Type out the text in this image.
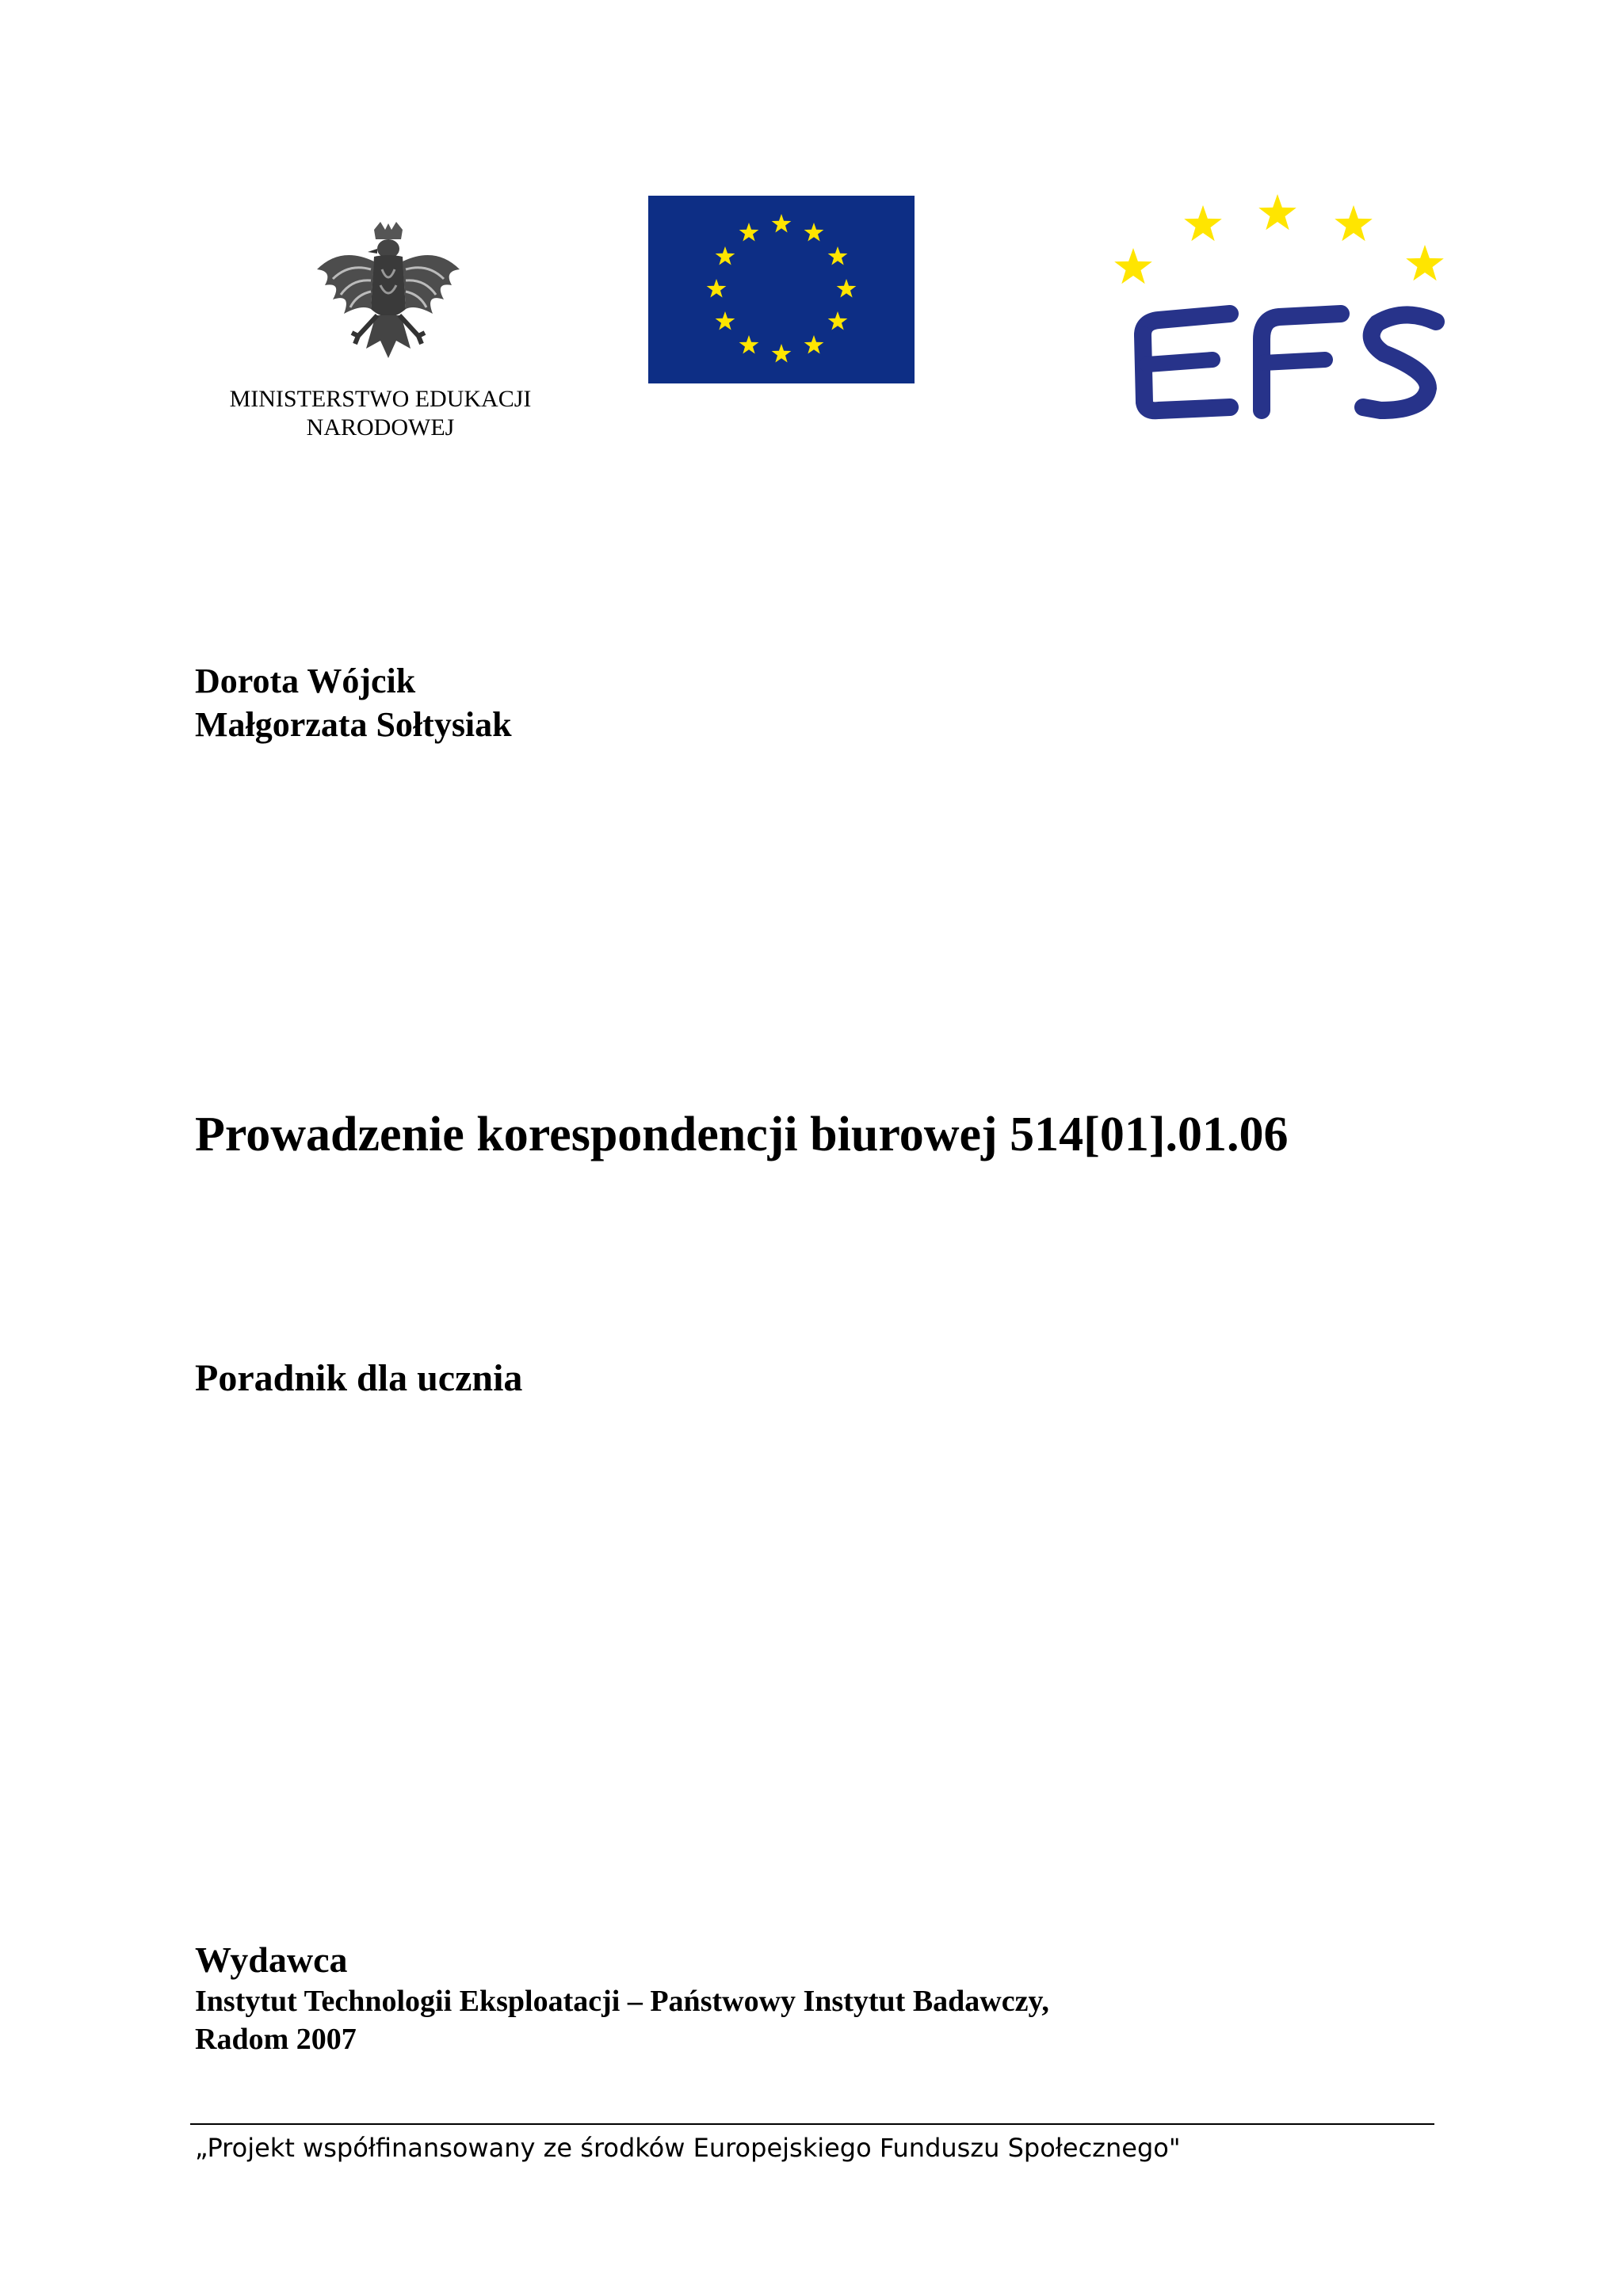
MINISTERSTWO EDUKACJI
NARODOWEJ
Dorota Wójcik
Małgorzata Sołtysiak
Prowadzenie korespondencji biurowej 514[01].01.06
Poradnik dla ucznia
Wydawca
Instytut Technologii Eksploatacji – Państwowy Instytut Badawczy,
Radom 2007
„Projekt współfinansowany ze środków Europejskiego Funduszu Społecznego"
